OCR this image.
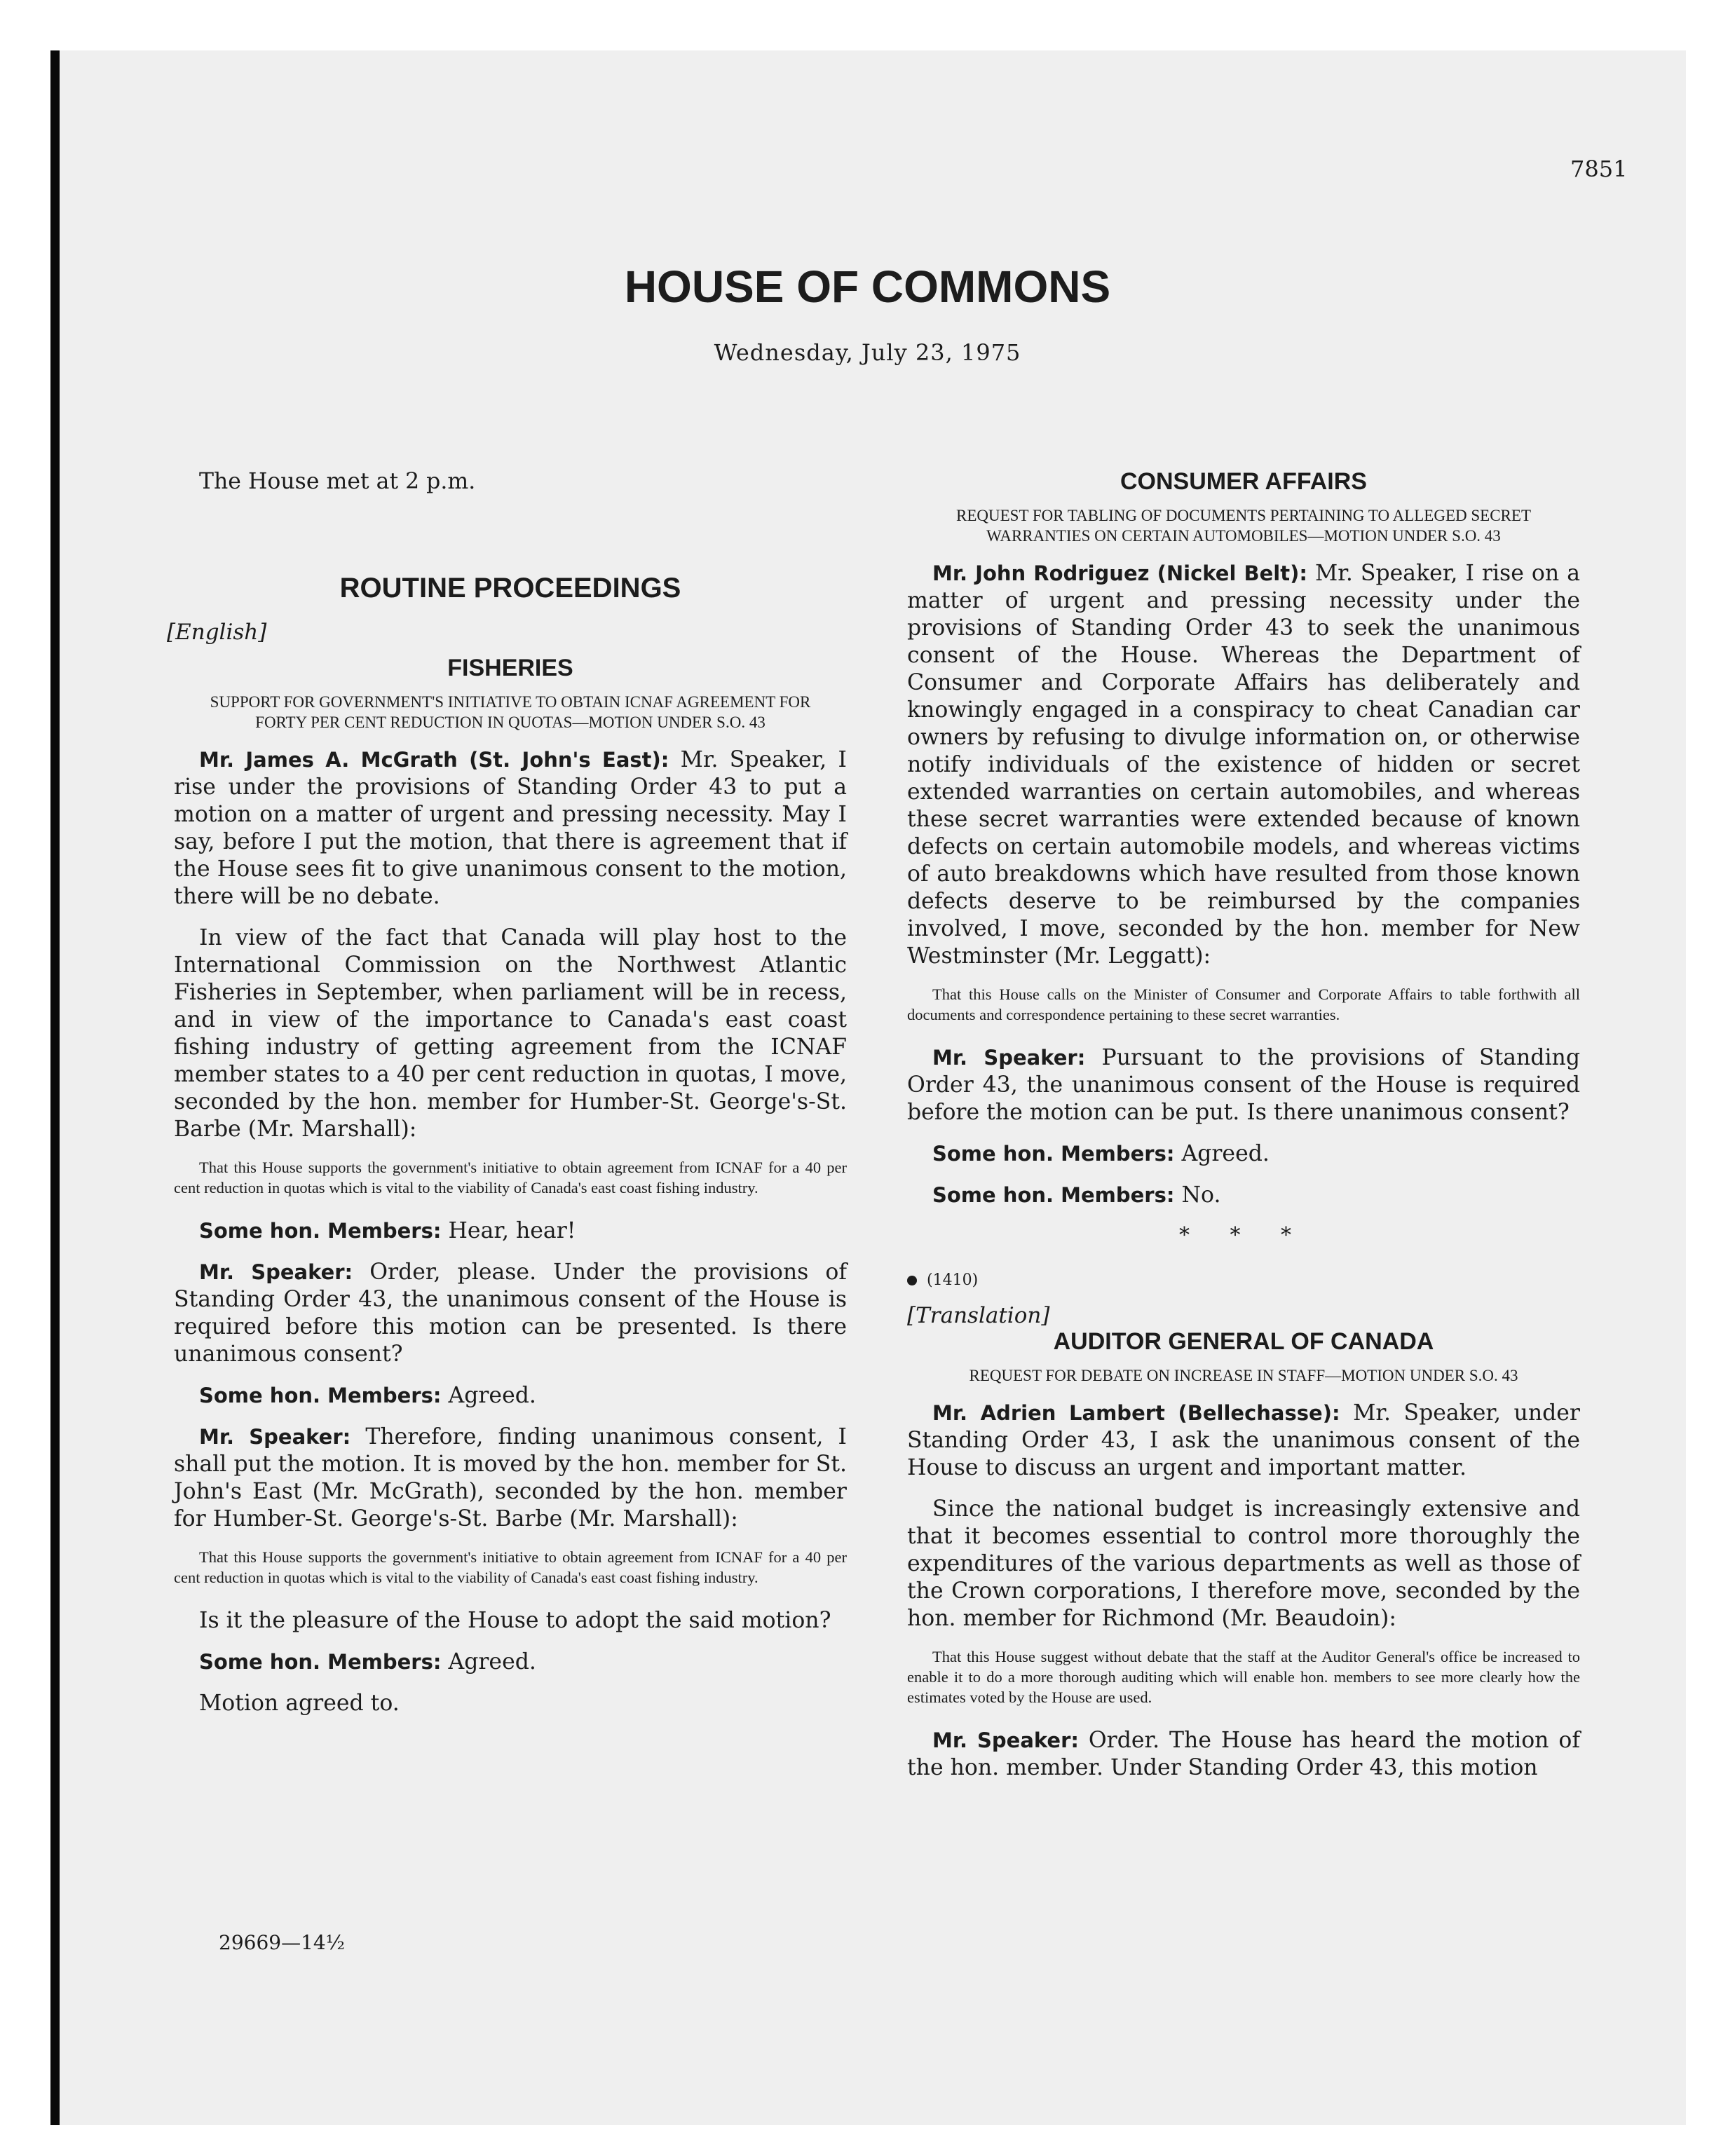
7851
HOUSE OF COMMONS
Wednesday, July 23, 1975

The House met at 2 p.m.

ROUTINE PROCEEDINGS

[English]

FISHERIES

SUPPORT FOR GOVERNMENT'S INITIATIVE TO OBTAIN ICNAF AGREEMENT FOR FORTY PER CENT REDUCTION IN QUOTAS—MOTION UNDER S.O. 43

Mr. James A. McGrath (St. John's East): Mr. Speaker, I rise under the provisions of Standing Order 43 to put a motion on a matter of urgent and pressing necessity. May I say, before I put the motion, that there is agreement that if the House sees fit to give unanimous consent to the motion, there will be no debate.

In view of the fact that Canada will play host to the International Commission on the Northwest Atlantic Fisheries in September, when parliament will be in recess, and in view of the importance to Canada's east coast fishing industry of getting agreement from the ICNAF member states to a 40 per cent reduction in quotas, I move, seconded by the hon. member for Humber-St. George's-St. Barbe (Mr. Marshall):

That this House supports the government's initiative to obtain agreement from ICNAF for a 40 per cent reduction in quotas which is vital to the viability of Canada's east coast fishing industry.

Some hon. Members: Hear, hear!

Mr. Speaker: Order, please. Under the provisions of Standing Order 43, the unanimous consent of the House is required before this motion can be presented. Is there unanimous consent?

Some hon. Members: Agreed.

Mr. Speaker: Therefore, finding unanimous consent, I shall put the motion. It is moved by the hon. member for St. John's East (Mr. McGrath), seconded by the hon. member for Humber-St. George's-St. Barbe (Mr. Marshall):

That this House supports the government's initiative to obtain agreement from ICNAF for a 40 per cent reduction in quotas which is vital to the viability of Canada's east coast fishing industry.

Is it the pleasure of the House to adopt the said motion?

Some hon. Members: Agreed.

Motion agreed to.

CONSUMER AFFAIRS

REQUEST FOR TABLING OF DOCUMENTS PERTAINING TO ALLEGED SECRET WARRANTIES ON CERTAIN AUTOMOBILES—MOTION UNDER S.O. 43

Mr. John Rodriguez (Nickel Belt): Mr. Speaker, I rise on a matter of urgent and pressing necessity under the provisions of Standing Order 43 to seek the unanimous consent of the House. Whereas the Department of Consumer and Corporate Affairs has deliberately and knowingly engaged in a conspiracy to cheat Canadian car owners by refusing to divulge information on, or otherwise notify individuals of the existence of hidden or secret extended warranties on certain automobiles, and whereas these secret warranties were extended because of known defects on certain automobile models, and whereas victims of auto breakdowns which have resulted from those known defects deserve to be reimbursed by the companies involved, I move, seconded by the hon. member for New Westminster (Mr. Leggatt):

That this House calls on the Minister of Consumer and Corporate Affairs to table forthwith all documents and correspondence pertaining to these secret warranties.

Mr. Speaker: Pursuant to the provisions of Standing Order 43, the unanimous consent of the House is required before the motion can be put. Is there unanimous consent?

Some hon. Members: Agreed.

Some hon. Members: No.

* * *

(1410)

[Translation]

AUDITOR GENERAL OF CANADA

REQUEST FOR DEBATE ON INCREASE IN STAFF—MOTION UNDER S.O. 43

Mr. Adrien Lambert (Bellechasse): Mr. Speaker, under Standing Order 43, I ask the unanimous consent of the House to discuss an urgent and important matter.

Since the national budget is increasingly extensive and that it becomes essential to control more thoroughly the expenditures of the various departments as well as those of the Crown corporations, I therefore move, seconded by the hon. member for Richmond (Mr. Beaudoin):

That this House suggest without debate that the staff at the Auditor General's office be increased to enable it to do a more thorough auditing which will enable hon. members to see more clearly how the estimates voted by the House are used.

Mr. Speaker: Order. The House has heard the motion of the hon. member. Under Standing Order 43, this motion

29669—14½
